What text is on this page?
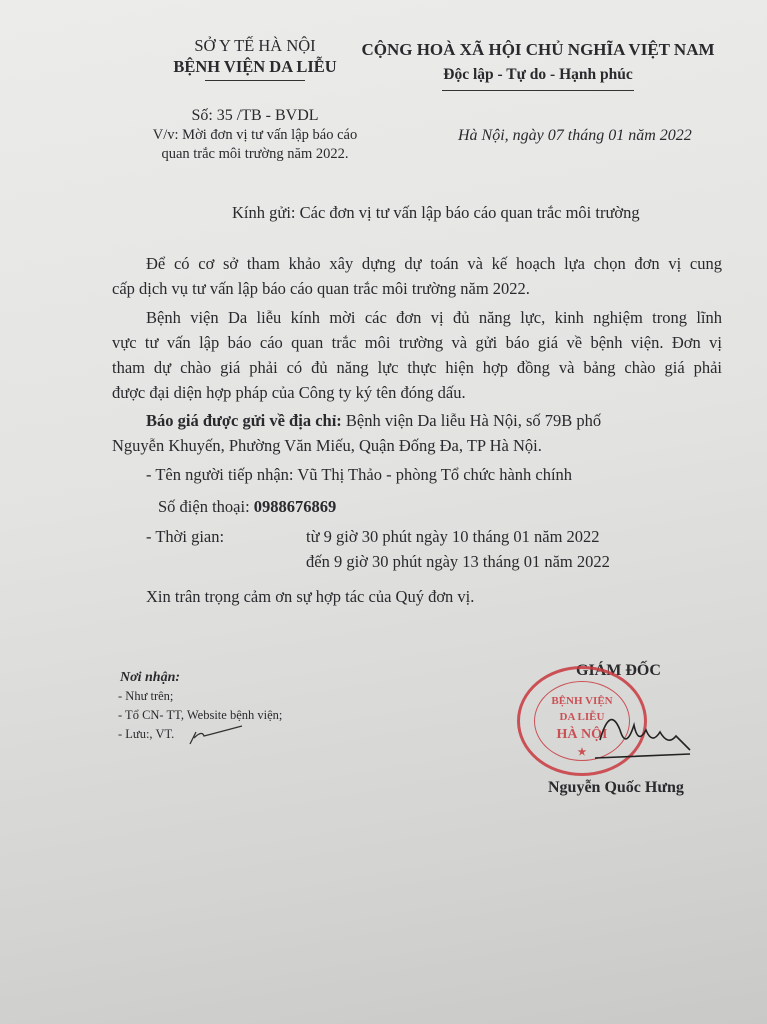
SỞ Y TẾ HÀ NỘI
BỆNH VIỆN DA LIỄU
CỘNG HOÀ XÃ HỘI CHỦ NGHĨA VIỆT NAM
Độc lập - Tự do - Hạnh phúc
Số: 35 /TB - BVDL
V/v: Mời đơn vị tư vấn lập báo cáo
quan trắc môi trường năm 2022.
Hà Nội, ngày 07 tháng 01 năm 2022
Kính gửi: Các đơn vị tư vấn lập báo cáo quan trắc môi trường
Để có cơ sở tham khảo xây dựng dự toán và kế hoạch lựa chọn đơn vị cung
cấp dịch vụ tư vấn lập báo cáo quan trắc môi trường năm 2022.
Bệnh viện Da liễu kính mời các đơn vị đủ năng lực, kinh nghiệm trong lĩnh
vực tư vấn lập báo cáo quan trắc môi trường và gửi báo giá về bệnh viện. Đơn vị
tham dự chào giá phải có đủ năng lực thực hiện hợp đồng và bảng chào giá phải
được đại diện hợp pháp của Công ty ký tên đóng dấu.
Báo giá được gửi về địa chỉ: Bệnh viện Da liễu Hà Nội, số 79B phố
Nguyễn Khuyến, Phường Văn Miếu, Quận Đống Đa, TP Hà Nội.
- Tên người tiếp nhận: Vũ Thị Thảo - phòng Tổ chức hành chính
Số điện thoại: 0988676869
- Thời gian:	từ 9 giờ 30 phút ngày 10 tháng 01 năm 2022
đến 9 giờ 30 phút ngày 13 tháng 01 năm 2022
Xin trân trọng cảm ơn sự hợp tác của Quý đơn vị.
Nơi nhận:
- Như trên;
- Tổ CN- TT, Website bệnh viện;
- Lưu:, VT.
GIÁM ĐỐC
BỆNH VIỆN
DA LIỄU
HÀ NỘI
★
Nguyễn Quốc Hưng
